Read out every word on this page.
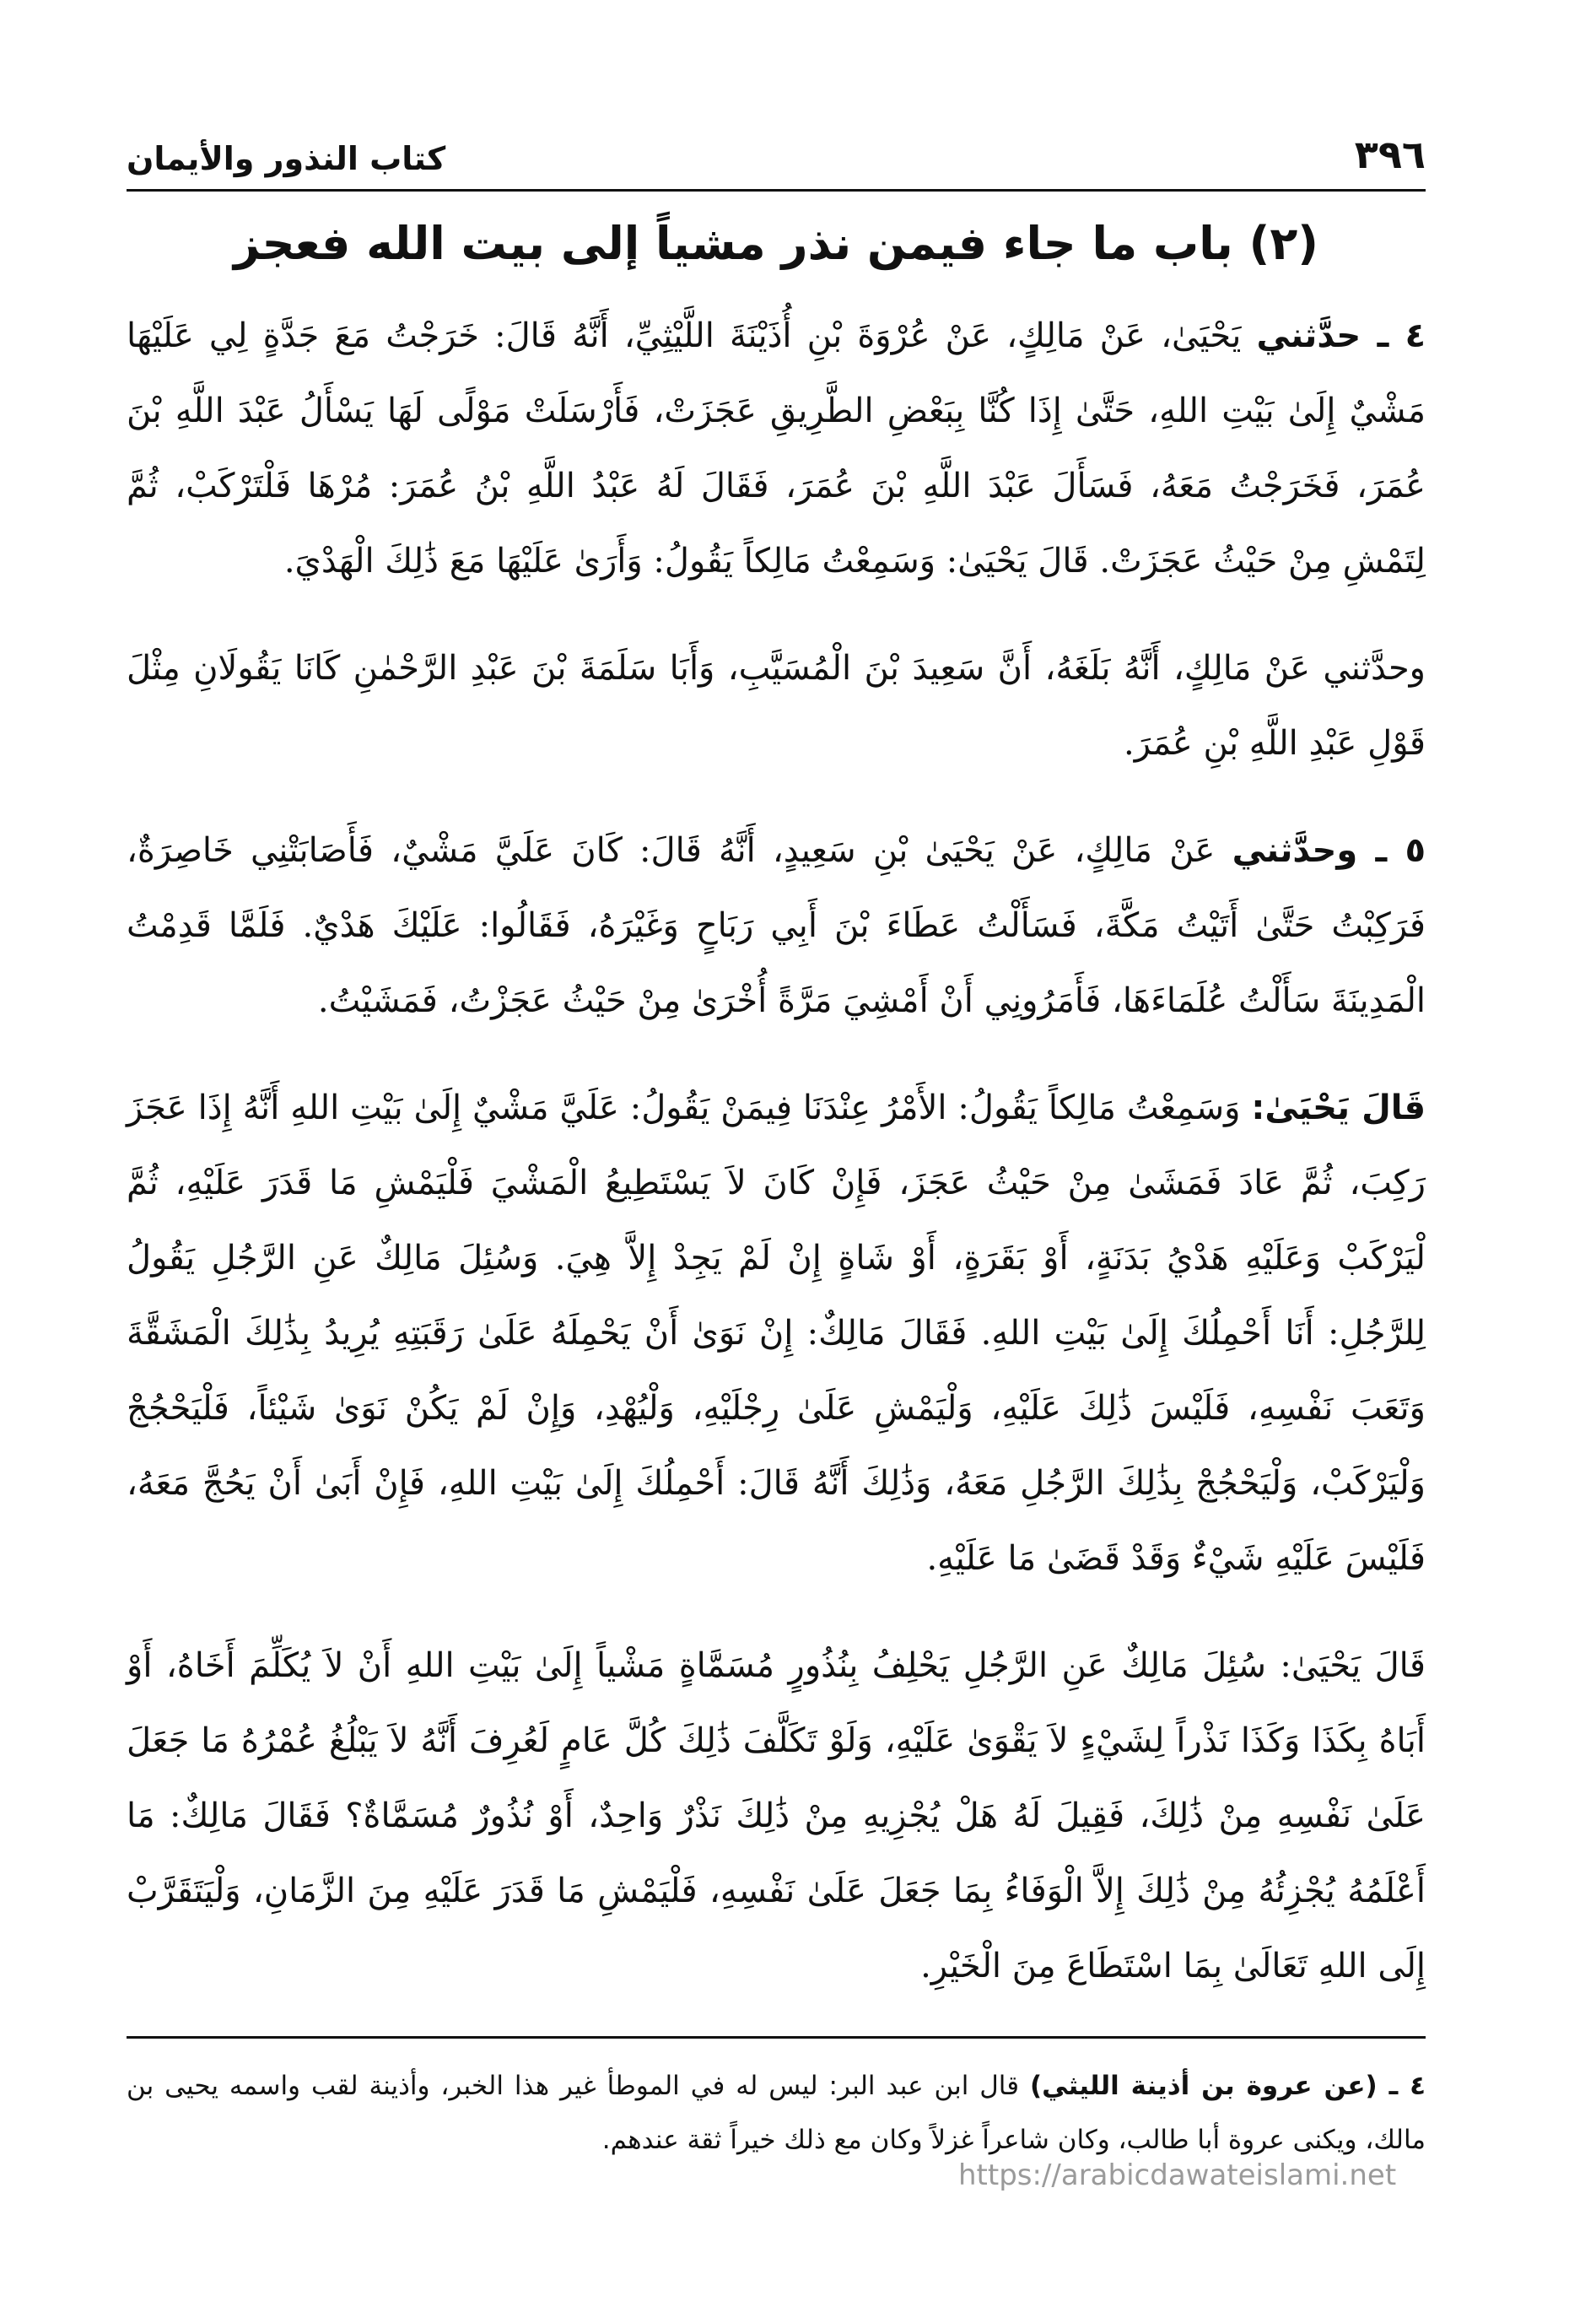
٣٩٦
كتاب النذور والأيمان
(٢) باب ما جاء فيمن نذر مشياً إلى بيت الله فعجز

٤ ـ حدَّثني يَحْيَىٰ، عَنْ مَالِكٍ، عَنْ عُرْوَةَ بْنِ أُذَيْنَةَ اللَّيْثِيِّ، أَنَّهُ قَالَ: خَرَجْتُ مَعَ جَدَّةٍ لِي عَلَيْهَا مَشْيٌ إِلَىٰ بَيْتِ اللهِ، حَتَّىٰ إِذَا كُنَّا بِبَعْضِ الطَّرِيقِ عَجَزَتْ، فَأَرْسَلَتْ مَوْلًى لَهَا يَسْأَلُ عَبْدَ اللَّهِ بْنَ عُمَرَ، فَخَرَجْتُ مَعَهُ، فَسَأَلَ عَبْدَ اللَّهِ بْنَ عُمَرَ، فَقَالَ لَهُ عَبْدُ اللَّهِ بْنُ عُمَرَ: مُرْهَا فَلْتَرْكَبْ، ثُمَّ لِتَمْشِ مِنْ حَيْثُ عَجَزَتْ. قَالَ يَحْيَىٰ: وَسَمِعْتُ مَالِكاً يَقُولُ: وَأَرَىٰ عَلَيْهَا مَعَ ذَٰلِكَ الْهَدْيَ.

وحدَّثني عَنْ مَالِكٍ، أَنَّهُ بَلَغَهُ، أَنَّ سَعِيدَ بْنَ الْمُسَيَّبِ، وَأَبَا سَلَمَةَ بْنَ عَبْدِ الرَّحْمٰنِ كَانَا يَقُولَانِ مِثْلَ قَوْلِ عَبْدِ اللَّهِ بْنِ عُمَرَ.

٥ ـ وحدَّثني عَنْ مَالِكٍ، عَنْ يَحْيَىٰ بْنِ سَعِيدٍ، أَنَّهُ قَالَ: كَانَ عَلَيَّ مَشْيٌ، فَأَصَابَتْنِي خَاصِرَةٌ، فَرَكِبْتُ حَتَّىٰ أَتَيْتُ مَكَّةَ، فَسَأَلْتُ عَطَاءَ بْنَ أَبِي رَبَاحٍ وَغَيْرَهُ، فَقَالُوا: عَلَيْكَ هَدْيٌ. فَلَمَّا قَدِمْتُ الْمَدِينَةَ سَأَلْتُ عُلَمَاءَهَا، فَأَمَرُونِي أَنْ أَمْشِيَ مَرَّةً أُخْرَىٰ مِنْ حَيْثُ عَجَزْتُ، فَمَشَيْتُ.

قَالَ يَحْيَىٰ: وَسَمِعْتُ مَالِكاً يَقُولُ: الأَمْرُ عِنْدَنَا فِيمَنْ يَقُولُ: عَلَيَّ مَشْيٌ إِلَىٰ بَيْتِ اللهِ أَنَّهُ إِذَا عَجَزَ رَكِبَ، ثُمَّ عَادَ فَمَشَىٰ مِنْ حَيْثُ عَجَزَ، فَإِنْ كَانَ لاَ يَسْتَطِيعُ الْمَشْيَ فَلْيَمْشِ مَا قَدَرَ عَلَيْهِ، ثُمَّ لْيَرْكَبْ وَعَلَيْهِ هَدْيُ بَدَنَةٍ، أَوْ بَقَرَةٍ، أَوْ شَاةٍ إِنْ لَمْ يَجِدْ إِلاَّ هِيَ. وَسُئِلَ مَالِكٌ عَنِ الرَّجُلِ يَقُولُ لِلرَّجُلِ: أَنَا أَحْمِلُكَ إِلَىٰ بَيْتِ اللهِ. فَقَالَ مَالِكٌ: إِنْ نَوَىٰ أَنْ يَحْمِلَهُ عَلَىٰ رَقَبَتِهِ يُرِيدُ بِذَٰلِكَ الْمَشَقَّةَ وَتَعَبَ نَفْسِهِ، فَلَيْسَ ذَٰلِكَ عَلَيْهِ، وَلْيَمْشِ عَلَىٰ رِجْلَيْهِ، وَلْيُهْدِ، وَإِنْ لَمْ يَكُنْ نَوَىٰ شَيْئاً، فَلْيَحْجُجْ وَلْيَرْكَبْ، وَلْيَحْجُجْ بِذَٰلِكَ الرَّجُلِ مَعَهُ، وَذَٰلِكَ أَنَّهُ قَالَ: أَحْمِلُكَ إِلَىٰ بَيْتِ اللهِ، فَإِنْ أَبَىٰ أَنْ يَحُجَّ مَعَهُ، فَلَيْسَ عَلَيْهِ شَيْءٌ وَقَدْ قَضَىٰ مَا عَلَيْهِ.

قَالَ يَحْيَىٰ: سُئِلَ مَالِكٌ عَنِ الرَّجُلِ يَحْلِفُ بِنُذُورٍ مُسَمَّاةٍ مَشْياً إِلَىٰ بَيْتِ اللهِ أَنْ لاَ يُكَلِّمَ أَخَاهُ، أَوْ أَبَاهُ بِكَذَا وَكَذَا نَذْراً لِشَيْءٍ لاَ يَقْوَىٰ عَلَيْهِ، وَلَوْ تَكَلَّفَ ذَٰلِكَ كُلَّ عَامٍ لَعُرِفَ أَنَّهُ لاَ يَبْلُغُ عُمْرُهُ مَا جَعَلَ عَلَىٰ نَفْسِهِ مِنْ ذَٰلِكَ، فَقِيلَ لَهُ هَلْ يُجْزِيهِ مِنْ ذَٰلِكَ نَذْرٌ وَاحِدٌ، أَوْ نُذُورٌ مُسَمَّاةٌ؟ فَقَالَ مَالِكٌ: مَا أَعْلَمُهُ يُجْزِئُهُ مِنْ ذَٰلِكَ إِلاَّ الْوَفَاءُ بِمَا جَعَلَ عَلَىٰ نَفْسِهِ، فَلْيَمْشِ مَا قَدَرَ عَلَيْهِ مِنَ الزَّمَانِ، وَلْيَتَقَرَّبْ إِلَى اللهِ تَعَالَىٰ بِمَا اسْتَطَاعَ مِنَ الْخَيْرِ.

٤ ـ (عن عروة بن أذينة الليثي) قال ابن عبد البر: ليس له في الموطأ غير هذا الخبر، وأذينة لقب واسمه يحيى بن مالك، ويكنى عروة أبا طالب، وكان شاعراً غزلاً وكان مع ذلك خيراً ثقة عندهم.

https://arabicdawateislami.net
